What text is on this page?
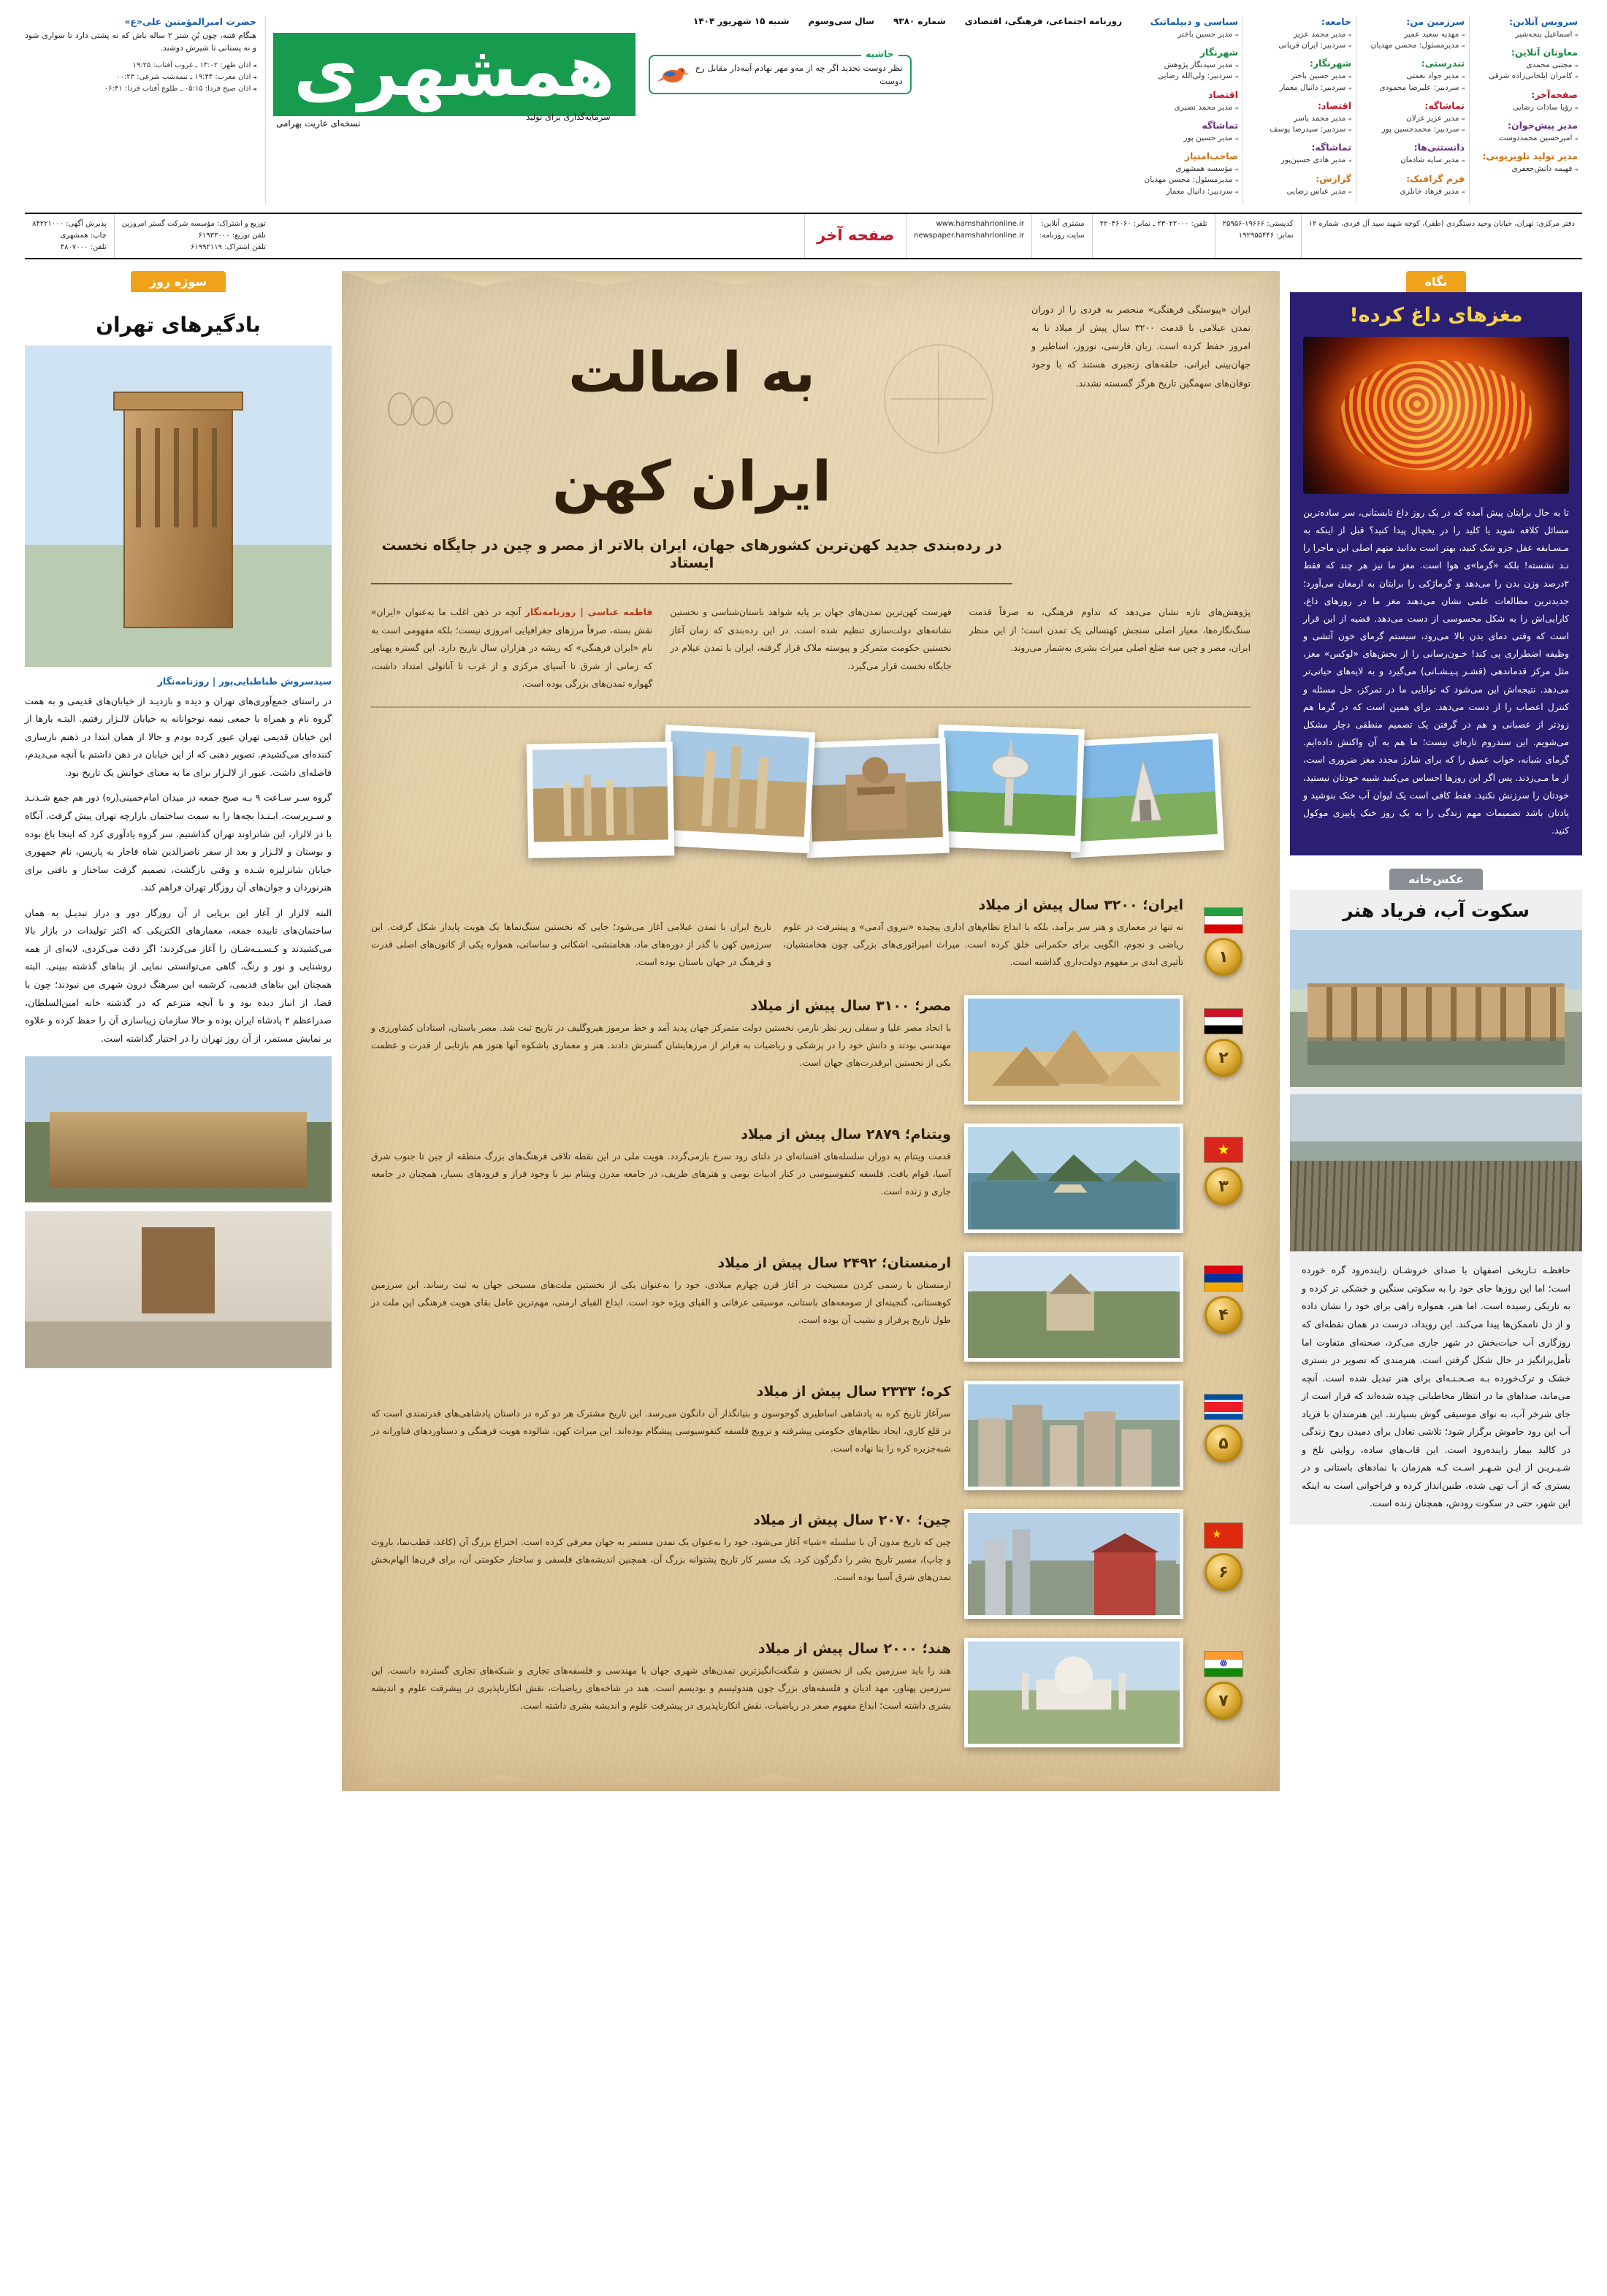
سرویس آنلاین:
◄ اسماعیل پنجه‌شیر
معاونان آنلاین:
◄ مجتبی محمدی
◄ کامران ایلخانی‌زاده شرقی
صفحه‌آخر:
◄ رؤیا سادات رضایی
مدیر پیش‌خوان:
◄ امیرحسین محمددوست
مدیر تولید تلویزیونی:
◄ فهیمه دانش‌جعفری
سرزمین من:
◄ مهدیه سعید عمیر
◄ مدیرمسئول: محسن مهدیان
تندرستی:
◄ مدیر جواد نعمتی
◄ سردبیر: علیرضا محمودی
تماشاگه:
◄ مدیر عزیز غزلان
◄ سردبیر: محمدحسین پور
دانستنی‌ها:
◄ مدیر سایه شادمان
فرم گرافیک:
◄ مدیر فرهاد خانلری
جامعه:
◄ مدیر محمد عزیز
◄ سردبیر: ایران قربانی
شهرنگار:
◄ مدیر حسین باختر
◄ سردبیر: دانیال معمار
اقتصاد:
◄ مدیر محمد یاسر
◄ سردبیر: سیدرضا یوسف
تماشاگه:
◄ مدیر هادی حسین‌پور
گزارش:
◄ مدیر عباس رضایی
سیاسی و دیپلماتیک
◄ مدیر حسین باختر
شهرنگار
◄ مدیر سیدنگار پژوهش
◄ سردبیر: ولی‌الله رضایی
اقتصاد
◄ مدیر محمد نصیری
تماشاگه
◄ مدیر حسین پور
صاحب‌امتیاز
◄ مؤسسه همشهری
◄ مدیرمسئول: محسن مهدیان
◄ سردبیر: دانیال معمار
روزنامه اجتماعی، فرهنگی، اقتصادی
شماره ۹۳۸۰
سال سی‌وسوم
شنبه ۱۵ شهریور ۱۴۰۴
حاشیه
نظر دوست تجدید اگر چه از مه‌و مهر نهادم آینه‌دار مقابل رخ دوست
همشهری
سرمایه‌گذاری برای تولید
نسخه‌ای عاریت‌ بهرامی
حضرت امیرالمؤمنین علی«ع»

هنگام فتنه، چون بُنِ شتر ۲ ساله باش که نه پشتی دارد تا سواری شود و نه پستانی تا شیرش دوشند.

◄ اذان ظهر: ۱۳:۰۲ ـ غروب آفتاب: ۱۹:۲۵
◄ اذان مغرب: ۱۹:۴۴ ـ نیمه‌شب شرعی: ۰۰:۲۳
◄ اذان صبح فردا: ۰۵:۱۵ ـ طلوع آفتاب فردا: ۰۶:۴۱
دفتر مرکزی: تهران، خیابان وحید دستگردی (ظفر)، کوچه شهید سید آل فردی، شماره ۱۲
کدپستی: ۱۹۶۶۶-۲۵۹۵۶
نمابر: ۱۹۲۹۵۵۴۴۶
تلفن: ۲۳۰۲۲۰۰۰ ـ نمابر: ۲۲۰۴۶۰۶۰
مشتری آنلاین:
سایت روزنامه:
www.hamshahrionline.ir
newspaper.hamshahrionline.ir
صفحه آخر
توزیع و اشتراک: مؤسسه شرکت گستر امروزین
تلفن توزیع: ۶۱۹۳۳۰۰۰
تلفن اشتراک: ۶۱۹۹۲۱۱۹
پذیرش آگهی: ۸۴۲۲۱۰۰۰
چاپ: همشهری
تلفن: ۴۸۰۷۰۰۰
نگاه
مغزهای داغ کرده!
تا به حال برایتان پیش آمده که در یک روز داغ تابستانی، سر ساده‌ترین مسائل کلافه شوید یا کلید را در یخچال پیدا کنید؟ قبل از اینکه به مـسـابقه عقل جزو شک کنید، بهتر است بدانید متهم اصلی این ماجرا را نـد نشسته! بلکه «گرما»ی هوا است. مغز ما نیز هر چند که فقط ۲درصد وزن بدن را می‌دهد و گرماژکی را برایتان به ارمغان می‌آورد؛ جدیدترین مطالعات علمی نشان می‌دهند مغز ما در روزهای داغ، کارایی‌اش را به شکل محسوسی از دست می‌دهد. قضیه از این قرار است که وقتی دمای بدن بالا می‌رود، سیستم گرمای خون آتشی و وظیفه اضطراری پی کند! خـون‌رسانی را از بخش‌های «لوکس» مغز، مثل مرکز قدماندهی (قشـر پـیـشـانی) می‌گیرد و به لایه‌های حیاتی‌تر می‌دهد. نتیجه‌اش این می‌شود که توانایی ما در تمرکز، حل مسئله و کنترل اعصاب را از دست می‌دهد. برای همین است که در گرما هم زودتر از عصبانی و هم در گرفتن یک تصمیم منطقی دچار مشکل می‌شویم. این سندروم تازه‌ای نیست؛ ما هم به آن واکنش داده‌ایم. گرمای شبانه، خواب عمیق را که برای شارژ مجدد مغز ضروری است، از ما مـی‌زدند. پس اگر این روزها احساس می‌کنید شبیه خودتان نیستید، خودتان را سرزنش نکنید. فقط کافی است یک لیوان آب خنک بنوشید و یادتان باشد تصمیمات مهم زندگی را به یک روز خنک پاییزی موکول کنید.
عکس‌خانه
سکوت آب، فریاد هنر
حافظـه تـاریخی اصفهان با صدای خروشـان زاینده‌رود گره خورده است؛ اما این روزها جای خود را به سکوتی سنگین و خشکی تر کرده و به تاریکی رسیده است. اما هنر، همواره راهی برای خود را نشان داده و از دل ناممکن‌ها پیدا می‌کند. این رویداد، درست در همان نقطه‌ای که روزگاری آب حیات‌بخش در شهر جاری می‌کرد، صحنه‌ای متفاوت اما تأمل‌برانگیز در حال شکل گرفتن است. هنرمندی که تصویر در بستری خشک و ترک‌خورده بـه صـحـنـه‌ای برای هنر تبدیل شده است. آنچه می‌ماند، صداهای ما در انتظار مخاطبانی چیده شده‌اند که قرار است از جای شرخر آب، به نوای موسیقی گوش بسپارند. این هنرمندان با فریاد آب این رود خاموش برگزار شود؛ تلاشی تعادل برای دمیدن روح زندگی در کالبد بیمار زاینده‌رود است. این قاب‌های ساده، روایتی تلخ و شـیـریـن از ایـن شـهـر اسـت کـه هم‌زمان با نمادهای باستانی و در بستری که از آب تهی شده، طنین‌انداز کرده و فراخوانی است به اینکه این شهر، حتی در سکوت رودش، همچنان زنده است.
ایران «پیوستگی فرهنگی» منحصر به فردی را از دوران تمدن عیلامی با قدمت ۳۲۰۰ سال پیش از میلاد تا به امروز حفظ کرده است. زبان فارسی، نوروز، اساطیر و جهان‌بینی ایرانی، حلقه‌های زنجیری هستند که با وجود توفان‌های سهمگین تاریخ هرگز گسسته نشدند.
به اصالت
ایران کهن
در رده‌بندی جدید کهن‌ترین کشورهای جهان، ایران بالاتر از مصر و چین در جایگاه نخست ایستاد
پژوهش‌های تازه نشان می‌دهد که تداوم فرهنگی، نه صرفاً قدمت سنگ‌نگاره‌ها، معیار اصلی سنجش کهنسالی یک تمدن است؛ از این منظر ایران، مصر و چین سه ضلع اصلی میراث بشری به‌شمار می‌روند.
فهرست کهن‌ترین تمدن‌های جهان بر پایه شواهد باستان‌شناسی و نخستین نشانه‌های دولت‌سازی تنظیم شده است. در این رده‌بندی که زمان آغاز نخستین حکومت متمرکز و پیوسته ملاک قرار گرفته، ایران با تمدن عیلام در جایگاه نخست قرار می‌گیرد.
فاطمه عباسی | روزنامه‌نگار آنچه در ذهن اغلب ما به‌عنوان «ایران» نقش بسته، صرفاً مرزهای جغرافیایی امروزی نیست؛ بلکه مفهومی است به نام «ایران فرهنگی» که ریشه در هزاران سال تاریخ دارد. این گستره پهناور که زمانی از شرق تا آسیای مرکزی و از غرب تا آناتولی امتداد داشت، گهواره تمدن‌های بزرگی بوده است.
۱
ایران؛ ۳۲۰۰ سال پیش از میلاد
نه تنها در معماری و هنر سر برآمد، بلکه با ابداع نظام‌های اداری پیچیده «نیروی آدمی» و پیشرفت در علوم ریاضی و نجوم، الگویی برای حکمرانی خلق کرده است. میراث امپراتوری‌های بزرگی چون هخامنشیان، تأثیری ابدی بر مفهوم دولت‌داری گذاشته است.
تاریخ ایران با تمدن عیلامی آغاز می‌شود؛ جایی که نخستین سنگ‌نماها یک هویت پایدار شکل گرفت. این سرزمین کهن با گذر از دوره‌های ماد، هخامنشی، اشکانی و ساسانی، همواره یکی از کانون‌های اصلی قدرت و فرهنگ در جهان باستان بوده است.
۲
مصر؛ ۳۱۰۰ سال پیش از میلاد
با اتحاد مصر علیا و سفلی زیر نظر نارمر، نخستین دولت متمرکز جهان پدید آمد و خط مرموز هیروگلیف در تاریخ ثبت شد. مصر باستان، استادان کشاورزی و مهندسی بودند و دانش خود را در پزشکی و ریاضیات به فراتر از مرزهایشان گسترش دادند. هنر و معماری باشکوه آنها هنوز هم بازتابی از قدرت و عظمت یکی از نخستین ابرقدرت‌های جهان است.
ویتنام؛ ۲۸۷۹ سال پیش از میلاد
قدمت ویتنام به دوران سلسله‌های افسانه‌ای در دلتای رود سرخ بازمی‌گردد. هویت ملی در این نقطه تلاقی فرهنگ‌های بزرگ منطقه از چین تا جنوب شرق آسیا، قوام یافت. فلسفه کنفوسیوسی در کنار ادبیات بومی و هنرهای ظریف، در جامعه مدرن ویتنام نیز با وجود فراز و فرودهای بسیار، همچنان در جامعه جاری و زنده است.
★
۳
ارمنستان؛ ۲۴۹۲ سال پیش از میلاد
ارمنستان با رسمی کردن مسیحیت در آغاز قرن چهارم میلادی، خود را به‌عنوان یکی از نخستین ملت‌های مسیحی جهان به ثبت رساند. این سرزمین کوهستانی، گنجینه‌ای از صومعه‌های باستانی، موسیقی عرفانی و الفبای ویژه خود است. ابداع الفبای ارمنی، مهم‌ترین عامل بقای هویت فرهنگی این ملت در طول تاریخ پرفراز و نشیب آن بوده است.	۴
کره؛ ۲۳۳۳ سال پیش از میلاد
سرآغاز تاریخ کره به پادشاهی اساطیری گوجوسون و بنیانگذار آن دانگون می‌رسد. این تاریخ مشترک هر دو کره در داستان پادشاهی‌های قدرتمندی است که در قلع کاری، ایجاد نظام‌های حکومتی پیشرفته و ترویج فلسفه کنفوسیوسی پیشگام بوده‌اند. این میراث کهن، شالوده هویت فرهنگی و دستاوردهای فناورانه در شبه‌جزیره کره را بنا نهاده است.	۵
چین؛ ۲۰۷۰ سال پیش از میلاد
چین که تاریخ مدون آن با سلسله «شیا» آغاز می‌شود، خود را به‌عنوان یک تمدن مستمر به جهان معرفی کرده است. اختراع بزرگ آن (کاغذ، قطب‌نما، باروت و چاپ)، مسیر تاریخ بشر را دگرگون کرد. یک مسیر کار تاریخ پشتوانه بزرگ آن، همچنین اندیشه‌های فلسفی و ساختار حکومتی آن، برای قرن‌ها الهام‌بخش تمدن‌های شرق آسیا بوده است.
★
۶
هند؛ ۲۰۰۰ سال پیش از میلاد
هند را باید سرزمین یکی از نخستین و شگفت‌انگیزترین تمدن‌های شهری جهان با مهندسی و فلسفه‌های تجاری و شبکه‌های تجاری گسترده دانست. این سرزمین پهناور، مهد ادیان و فلسفه‌های بزرگ چون هندوئیسم و بودیسم است. هند در شاخه‌های ریاضیات، نقش انکارناپذیری در پیشرفت علوم و اندیشه بشری داشته است؛ ابداع مفهوم صفر در ریاضیات، نقش انکارناپذیری در پیشرفت علوم و اندیشه بشری داشته است.
☸
۷
سوژه روز
بادگیرهای تهران
سیدسروش طباطبایی‌پور | روزنامه‌نگار
در راستای جمع‌آوری‌های تهران و دیده و بازدیـد از خیابان‌های قدیمی و به همت گروه نام و همراه با جمعی نیمه نوجوانانه به خیابان لالـزار رفتیم. البتـه بارها از این خیابان قدیمی تهران عبور کرده بودم و حالا از همان ابتدا در ذهنم بازسازی کننده‌ای می‌کشیدم. تصویر ذهنی که از این خیابان در ذهن داشتم با آنچه می‌دیدم، فاصله‌ای داشت. عبور از لالـزار برای ما به معنای خوانش یک تاریخ بود.
گروه سـر سـاعت ۹ بـه صبح جمعه در میدان امام‌خمینی(ره) دور هم جمع شـدنـد و سـرپرست، ابـتـدا بچه‌ها را به سمت ساختمان بازارچه تهران پیش گرفت. آنگاه با در لالزار، این شاتراوند تهران گذاشتیم. سر گروه یادآوری کرد که اینجا باغ بوده و بوستان و لالـزار و بعد از سفر ناصرالدین شاه فاجار به پاریس، نام جمهوری خیابان شانزلیزه شـده و وقتی بازگشت، تصمیم گرفت ساختار و بافتی برای هنرنوردان و جوان‌های آن روزگار تهران فراهم کند.
البته لالزار از آغاز این برپایی از آن روزگار دور و دراز تبدیـل به همان ساختمان‌های تابیده جمعه، معمارهای الکتریکی که اکثر تولیدات در بازار بالا می‌کشیدند و کـسـبـه‌شـان را آغاز می‌کردند؛ اگر دقت می‌کردی، لابه‌ای از همه روشنایی و نور و رنگ، گاهی می‌توانستی نمایی از بناهای گذشته ببینی. البته همچنان این بناهای قدیمی، کرشمه این سرهنگ درون شهری من نبودند؛ چون با قضا، از انبار دیده بود و با آنچه متزعم که در گذشته خانه امین‌السلطان، صدراعظم ۲ پادشاه ایران بوده و حالا سازمان زیباسازی آن را حفظ کرده و علاوه بر نمایش مستمر، از آن روز تهران را در اختیار گذاشته است.
